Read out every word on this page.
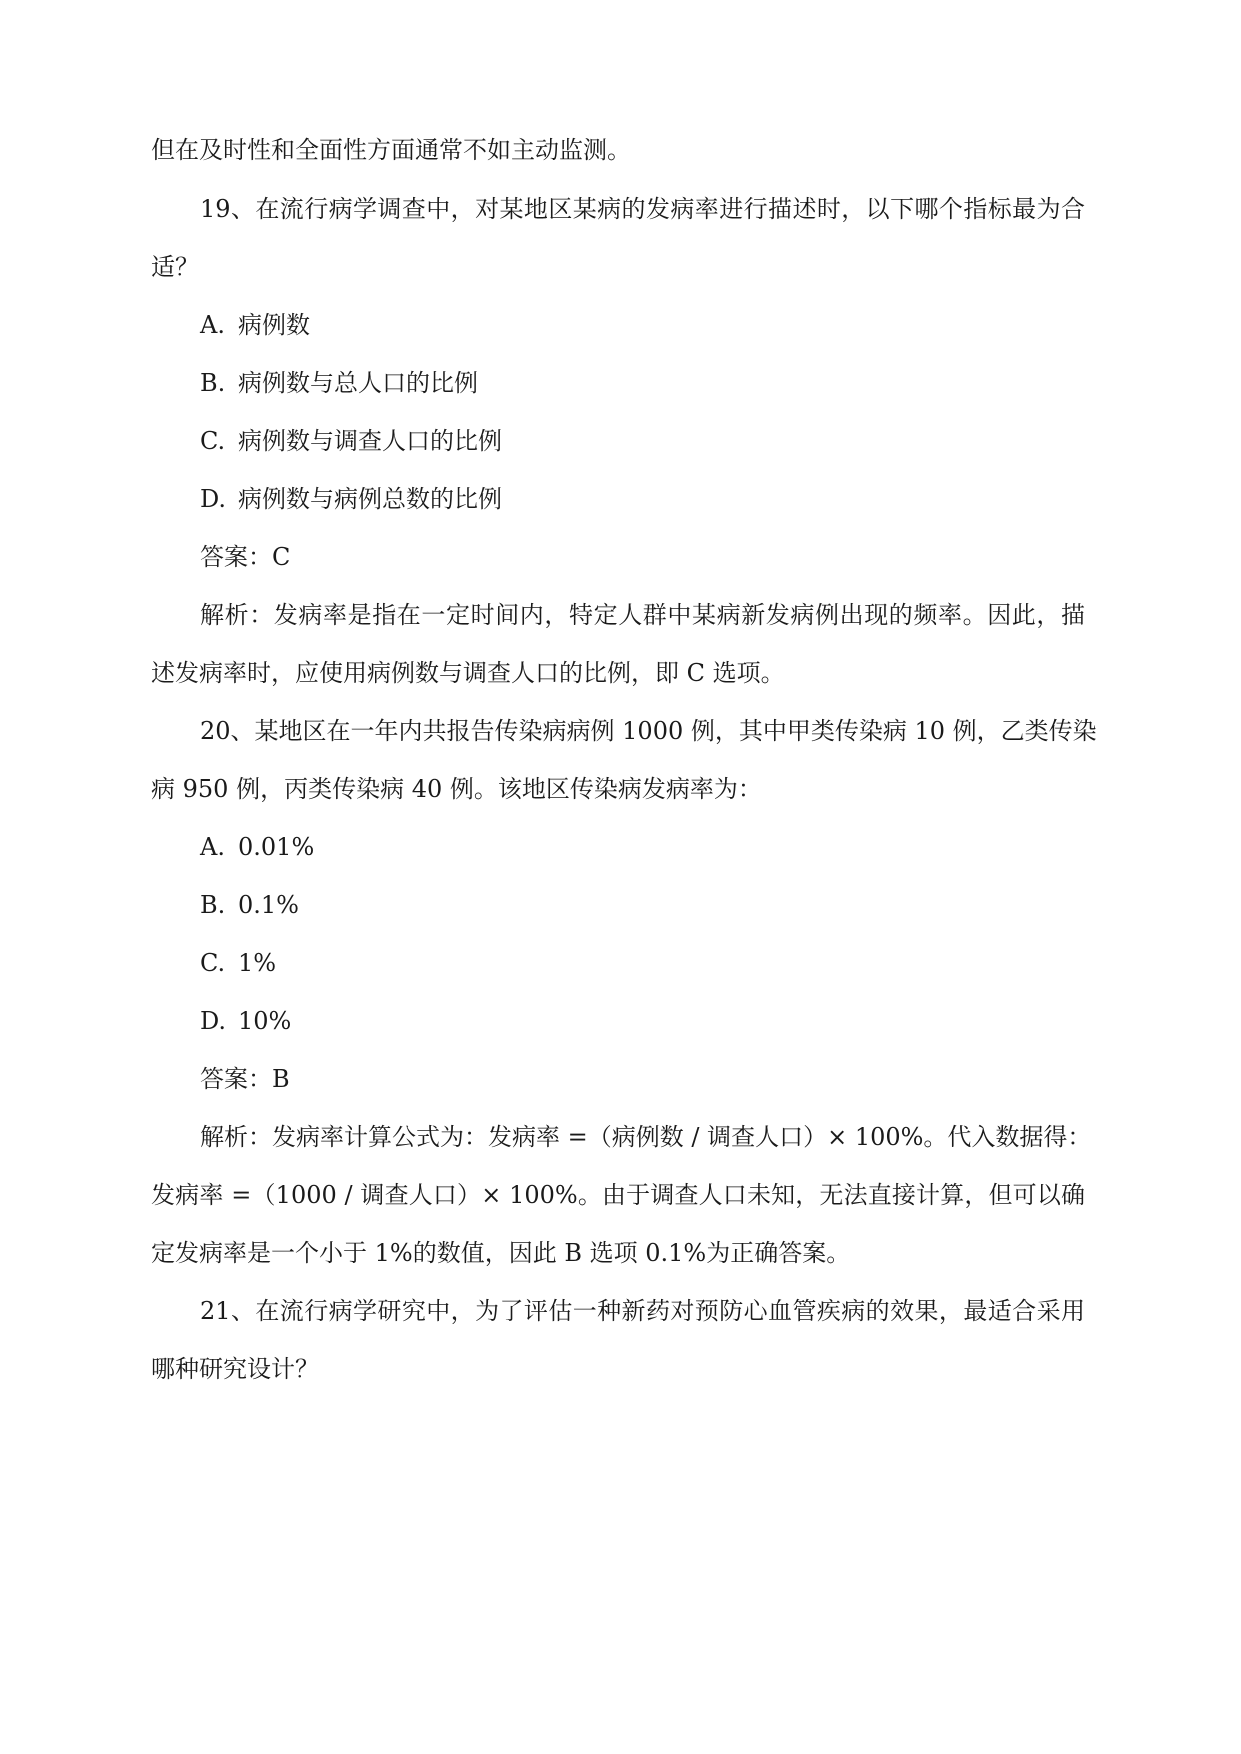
但在及时性和全面性方面通常不如主动监测。
19、在流行病学调查中，对某地区某病的发病率进行描述时，以下哪个指标最为合
适？
A. 病例数
B. 病例数与总人口的比例
C. 病例数与调查人口的比例
D. 病例数与病例总数的比例
答案：C
解析：发病率是指在一定时间内，特定人群中某病新发病例出现的频率。因此，描
述发病率时，应使用病例数与调查人口的比例，即 C 选项。
20、某地区在一年内共报告传染病病例 1000 例，其中甲类传染病 10 例，乙类传染
病 950 例，丙类传染病 40 例。该地区传染病发病率为：
A. 0.01%
B. 0.1%
C. 1%
D. 10%
答案：B
解析：发病率计算公式为：发病率 =（病例数 / 调查人口）× 100%。代入数据得：
发病率 =（1000 / 调查人口）× 100%。由于调查人口未知，无法直接计算，但可以确
定发病率是一个小于 1%的数值，因此 B 选项 0.1%为正确答案。
21、在流行病学研究中，为了评估一种新药对预防心血管疾病的效果，最适合采用
哪种研究设计？
